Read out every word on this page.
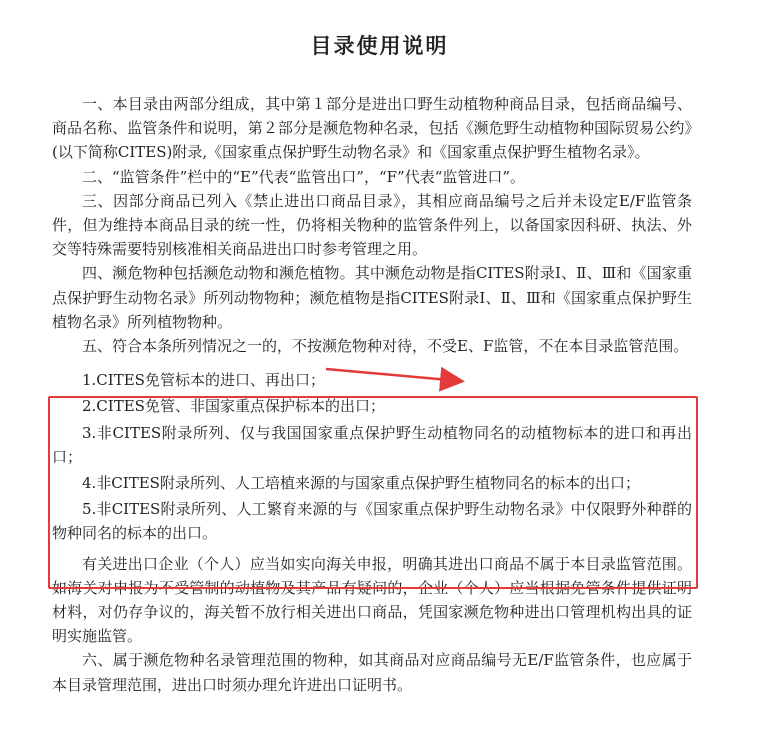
目录使用说明

一、本目录由两部分组成，其中第１部分是进出口野生动植物种商品目录，包括商品编号、商品名称、监管条件和说明，第２部分是濒危物种名录，包括《濒危野生动植物种国际贸易公约》(以下简称CITES)附录,《国家重点保护野生动物名录》和《国家重点保护野生植物名录》。

二、“监管条件”栏中的“E”代表“监管出口”，“F”代表“监管进口”。

三、因部分商品已列入《禁止进出口商品目录》，其相应商品编号之后并未设定E/F监管条件，但为维持本商品目录的统一性，仍将相关物种的监管条件列上，以备国家因科研、执法、外交等特殊需要特别核准相关商品进出口时参考管理之用。

四、濒危物种包括濒危动物和濒危植物。其中濒危动物是指CITES附录Ⅰ、Ⅱ、Ⅲ和《国家重点保护野生动物名录》所列动物物种；濒危植物是指CITES附录Ⅰ、Ⅱ、Ⅲ和《国家重点保护野生植物名录》所列植物物种。

五、符合本条所列情况之一的，不按濒危物种对待，不受E、F监管，不在本目录监管范围。

1.CITES免管标本的进口、再出口；

2.CITES免管、非国家重点保护标本的出口；

3.非CITES附录所列、仅与我国国家重点保护野生动植物同名的动植物标本的进口和再出口；

4.非CITES附录所列、人工培植来源的与国家重点保护野生植物同名的标本的出口；

5.非CITES附录所列、人工繁育来源的与《国家重点保护野生动物名录》中仅限野外种群的物种同名的标本的出口。

有关进出口企业（个人）应当如实向海关申报，明确其进出口商品不属于本目录监管范围。如海关对申报为不受管制的动植物及其产品有疑问的，企业（个人）应当根据免管条件提供证明材料，对仍存争议的，海关暂不放行相关进出口商品，凭国家濒危物种进出口管理机构出具的证明实施监管。

六、属于濒危物种名录管理范围的物种，如其商品对应商品编号无E/F监管条件，也应属于本目录管理范围，进出口时须办理允许进出口证明书。
